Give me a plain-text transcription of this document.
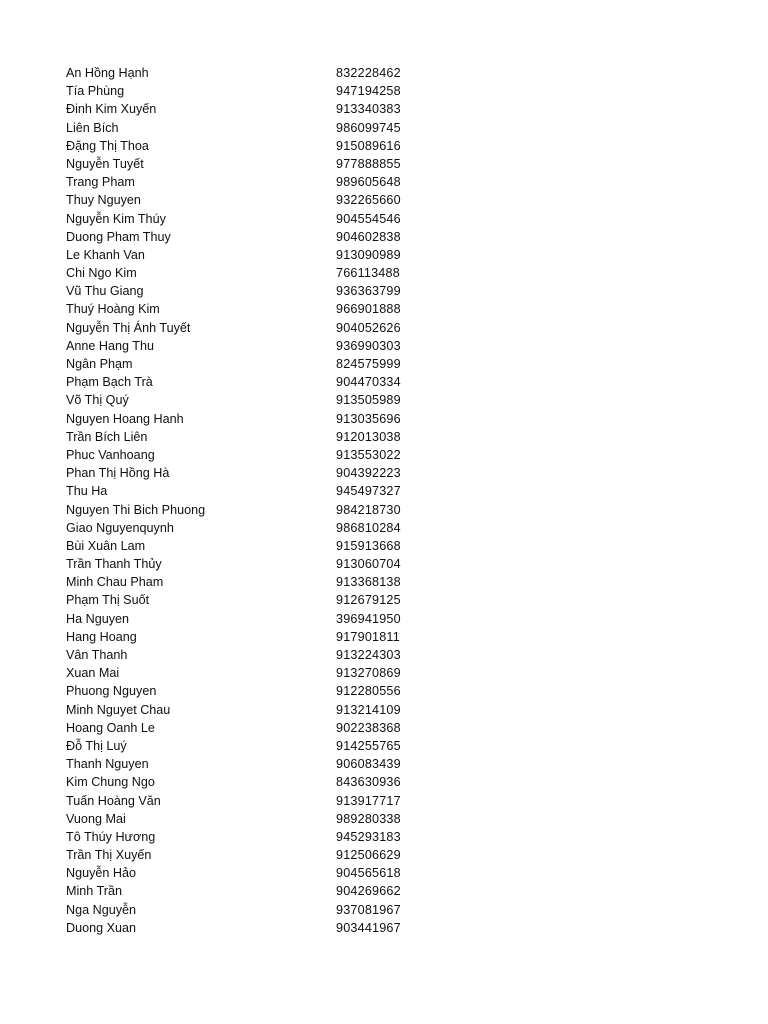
An Hồng Hạnh	832228462
Tía Phùng	947194258
Đinh Kim Xuyến	913340383
Liên Bích	986099745
Đặng Thị Thoa	915089616
Nguyễn Tuyết	977888855
Trang Pham	989605648
Thuy Nguyen	932265660
Nguyễn Kim Thúy	904554546
Duong Pham Thuy	904602838
Le Khanh Van	913090989
Chi Ngo Kim	766113488
Vũ Thu Giang	936363799
Thuý Hoàng Kim	966901888
Nguyễn Thị Ánh Tuyết	904052626
Anne Hang Thu	936990303
Ngân Phạm	824575999
Phạm Bạch Trà	904470334
Võ Thị Quý	913505989
Nguyen Hoang Hanh	913035696
Trần Bích Liên	912013038
Phuc Vanhoang	913553022
Phan Thị Hồng Hà	904392223
Thu Ha	945497327
Nguyen Thi Bich Phuong	984218730
Giao Nguyenquynh	986810284
Bùi Xuân Lam	915913668
Trần Thanh Thủy	913060704
Minh Chau Pham	913368138
Phạm Thị Suốt	912679125
Ha Nguyen	396941950
Hang Hoang	917901811
Vân Thanh	913224303
Xuan Mai	913270869
Phuong Nguyen	912280556
Minh Nguyet Chau	913214109
Hoang Oanh Le	902238368
Đỗ Thị Luý	914255765
Thanh Nguyen	906083439
Kim Chung Ngo	843630936
Tuấn Hoàng Văn	913917717
Vuong Mai	989280338
Tô Thúy Hương	945293183
Trần Thị Xuyến	912506629
Nguyễn Hảo	904565618
Minh Trần	904269662
Nga Nguyễn	937081967
Duong Xuan	903441967
